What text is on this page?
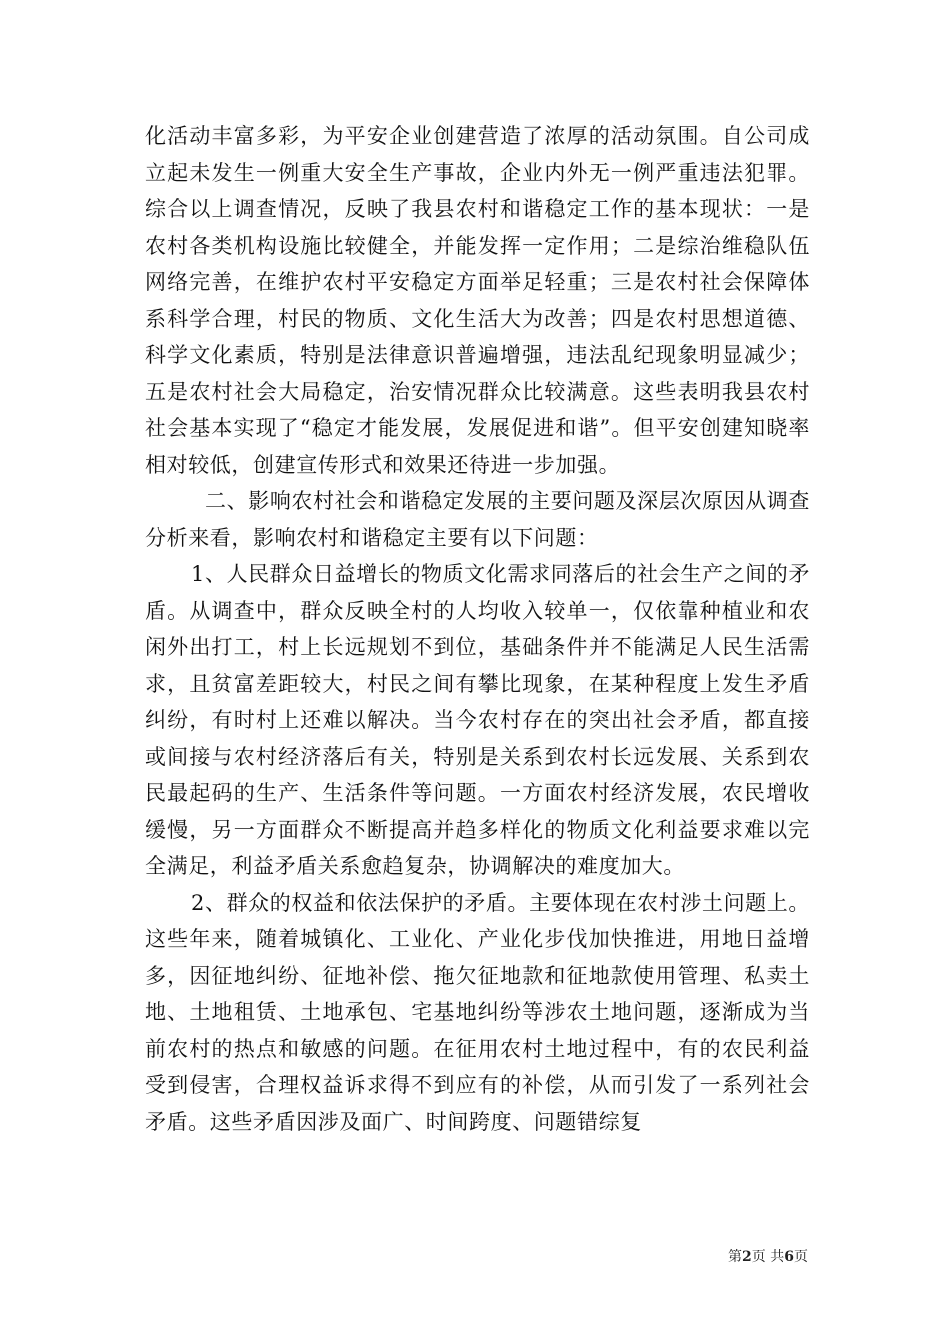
化活动丰富多彩，为平安企业创建营造了浓厚的活动氛围。自公司成立起未发生一例重大安全生产事故，企业内外无一例严重违法犯罪。综合以上调查情况，反映了我县农村和谐稳定工作的基本现状：一是农村各类机构设施比较健全，并能发挥一定作用；二是综治维稳队伍网络完善，在维护农村平安稳定方面举足轻重；三是农村社会保障体系科学合理，村民的物质、文化生活大为改善；四是农村思想道德、科学文化素质，特别是法律意识普遍增强，违法乱纪现象明显减少；五是农村社会大局稳定，治安情况群众比较满意。这些表明我县农村社会基本实现了“稳定才能发展，发展促进和谐”。但平安创建知晓率相对较低，创建宣传形式和效果还待进一步加强。

二、影响农村社会和谐稳定发展的主要问题及深层次原因从调查分析来看，影响农村和谐稳定主要有以下问题：

1、人民群众日益增长的物质文化需求同落后的社会生产之间的矛盾。从调查中，群众反映全村的人均收入较单一，仅依靠种植业和农闲外出打工，村上长远规划不到位，基础条件并不能满足人民生活需求，且贫富差距较大，村民之间有攀比现象，在某种程度上发生矛盾纠纷，有时村上还难以解决。当今农村存在的突出社会矛盾，都直接或间接与农村经济落后有关，特别是关系到农村长远发展、关系到农民最起码的生产、生活条件等问题。一方面农村经济发展，农民增收缓慢，另一方面群众不断提高并趋多样化的物质文化利益要求难以完全满足，利益矛盾关系愈趋复杂，协调解决的难度加大。

2、群众的权益和依法保护的矛盾。主要体现在农村涉土问题上。这些年来，随着城镇化、工业化、产业化步伐加快推进，用地日益增多，因征地纠纷、征地补偿、拖欠征地款和征地款使用管理、私卖土地、土地租赁、土地承包、宅基地纠纷等涉农土地问题，逐渐成为当前农村的热点和敏感的问题。在征用农村土地过程中，有的农民利益受到侵害，合理权益诉求得不到应有的补偿，从而引发了一系列社会矛盾。这些矛盾因涉及面广、时间跨度、问题错综复

第2页 共6页
